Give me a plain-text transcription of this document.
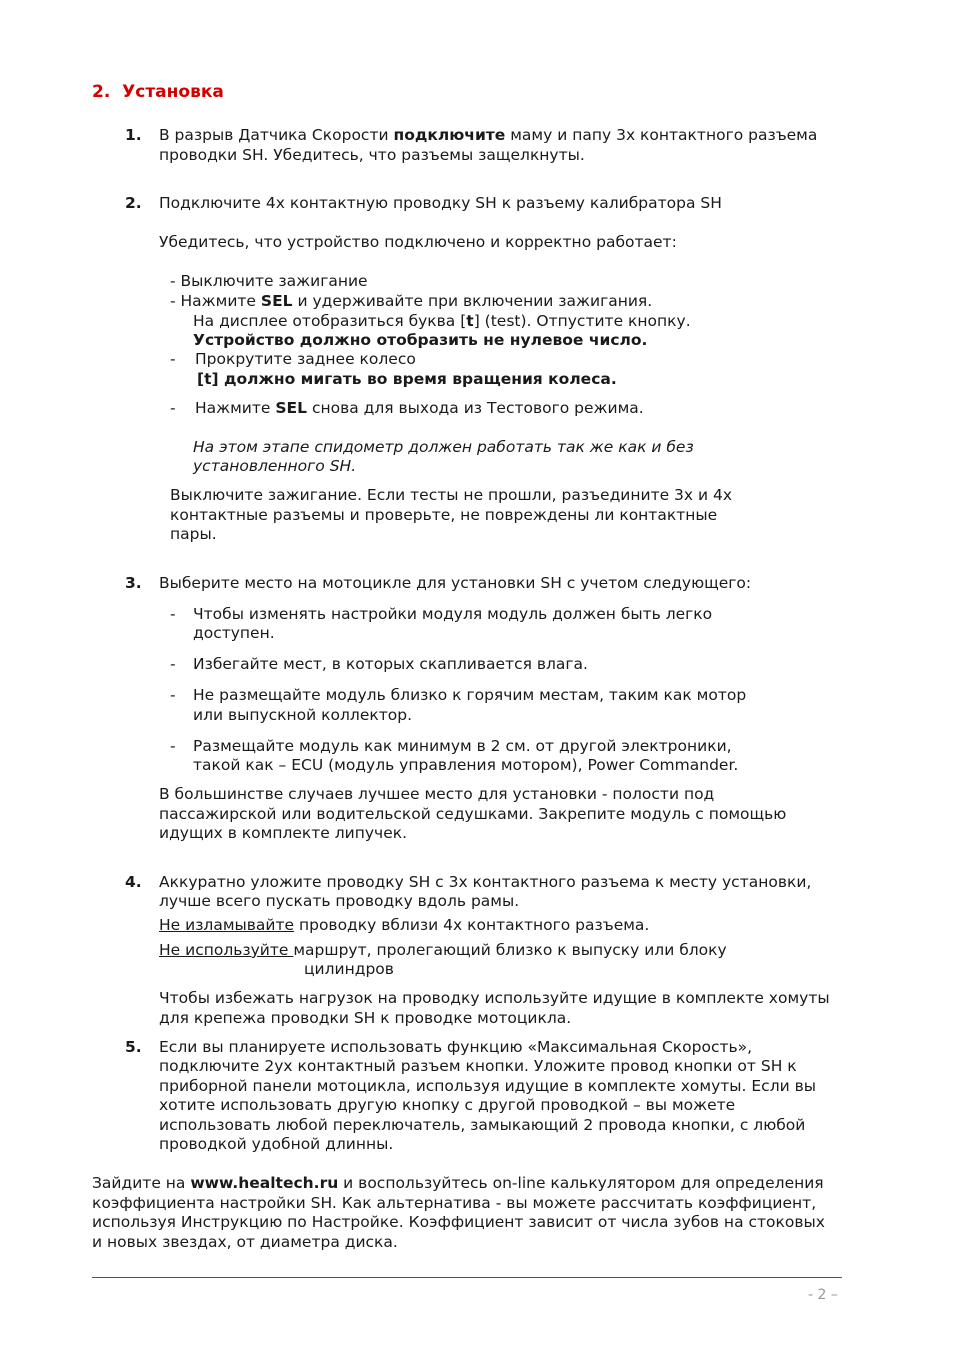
2. Установка
1. В разрыв Датчика Скорости подключите маму и папу 3х контактного разъема
проводки SH. Убедитесь, что разъемы защелкнуты.
2. Подключите 4х контактную проводку SH к разъему калибратора SH
Убедитесь, что устройство подключено и корректно работает:
- Выключите зажигание
- Нажмите SEL и удерживайте при включении зажигания.
На дисплее отобразиться буква [t] (test). Отпустите кнопку.
Устройство должно отобразить не нулевое число.
- Прокрутите заднее колесо
[t] должно мигать во время вращения колеса.
- Нажмите SEL снова для выхода из Тестового режима.
На этом этапе спидометр должен работать так же как и без
установленного SH.
Выключите зажигание. Если тесты не прошли, разъедините 3х и 4х
контактные разъемы и проверьте, не повреждены ли контактные
пары.
3. Выберите место на мотоцикле для установки SH с учетом следующего:
- Чтобы изменять настройки модуля модуль должен быть легко
доступен.
- Избегайте мест, в которых скапливается влага.
- Не размещайте модуль близко к горячим местам, таким как мотор
или выпускной коллектор.
- Размещайте модуль как минимум в 2 см. от другой электроники,
такой как – ECU (модуль управления мотором), Power Commander.
В большинстве случаев лучшее место для установки - полости под
пассажирской или водительской седушками. Закрепите модуль с помощью
идущих в комплекте липучек.
4. Аккуратно уложите проводку SH с 3х контактного разъема к месту установки,
лучше всего пускать проводку вдоль рамы.
Не изламывайте проводку вблизи 4х контактного разъема.
Не используйте маршрут, пролегающий близко к выпуску или блоку
цилиндров
Чтобы избежать нагрузок на проводку используйте идущие в комплекте хомуты
для крепежа проводки SH к проводке мотоцикла.
5. Если вы планируете использовать функцию «Максимальная Скорость»,
подключите 2ух контактный разъем кнопки. Уложите провод кнопки от SH к
приборной панели мотоцикла, используя идущие в комплекте хомуты. Если вы
хотите использовать другую кнопку с другой проводкой – вы можете
использовать любой переключатель, замыкающий 2 провода кнопки, с любой
проводкой удобной длинны.
Зайдите на www.healtech.ru и воспользуйтесь on-line калькулятором для определения
коэффициента настройки SH. Как альтернатива - вы можете рассчитать коэффициент,
используя Инструкцию по Настройке. Коэффициент зависит от числа зубов на стоковых
и новых звездах, от диаметра диска.
- 2 –
